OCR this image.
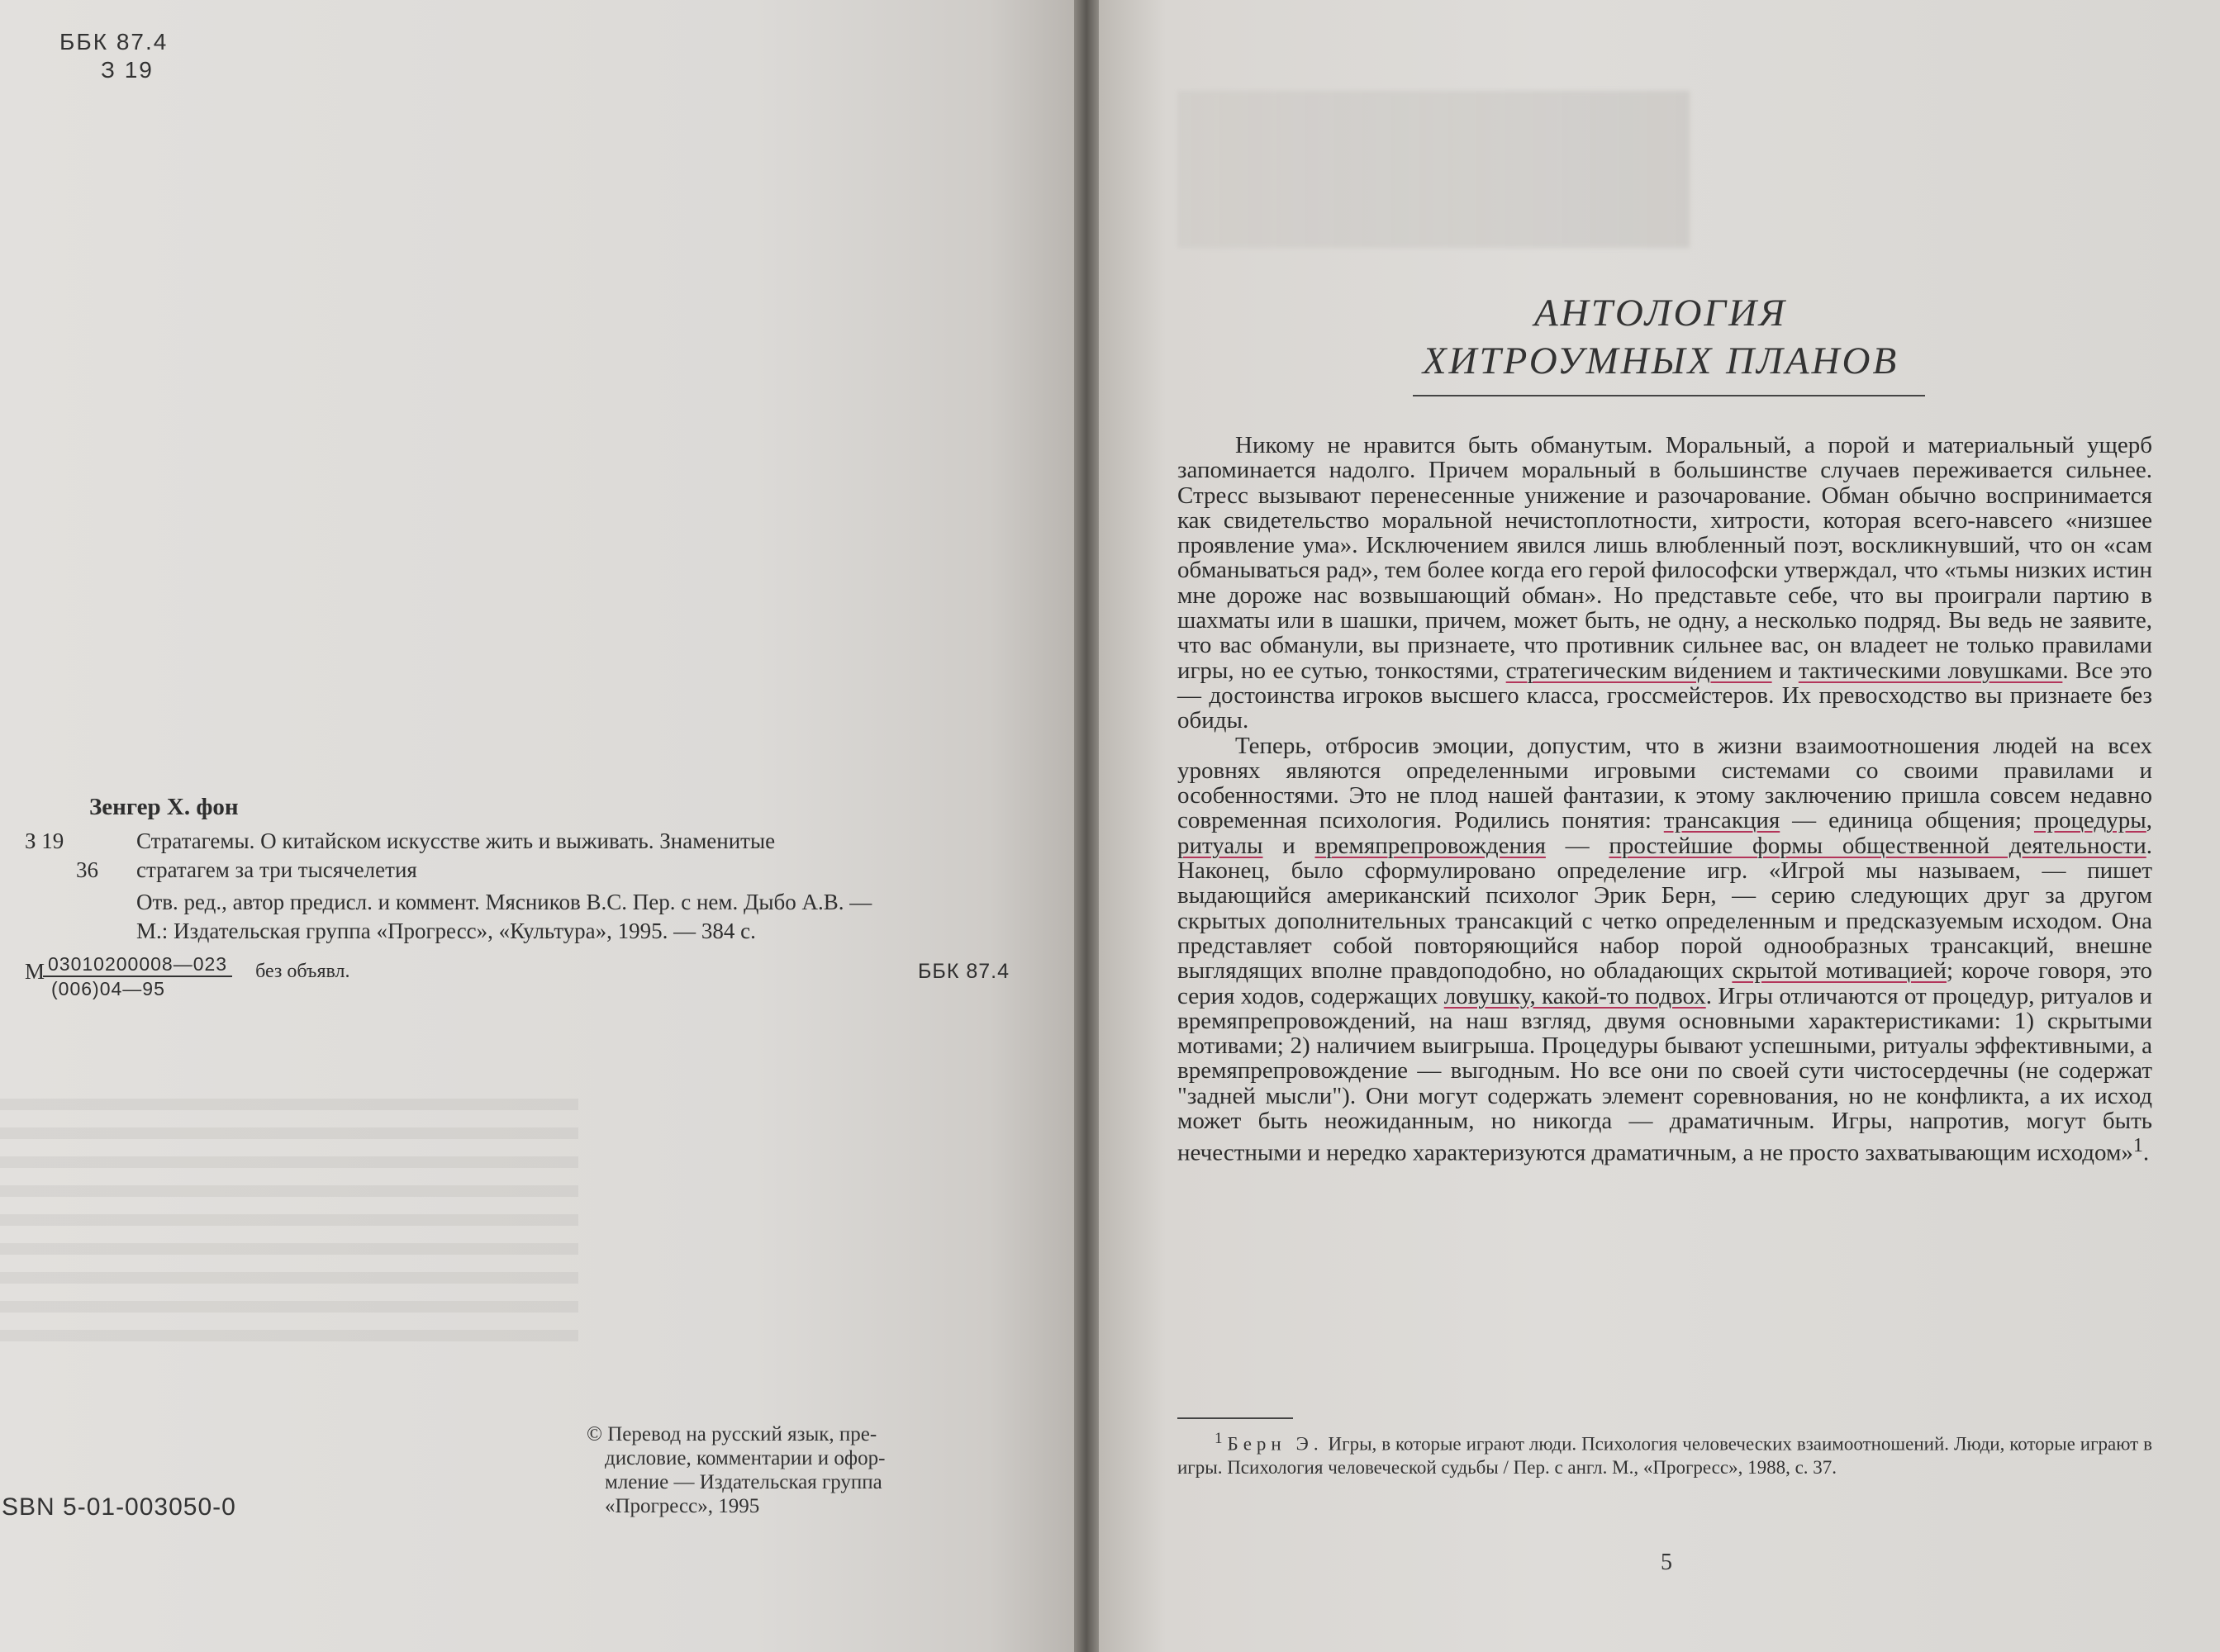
ББК 87.4
З 19
Зенгер Х. фон
З 19	Стратагемы. О китайском искусстве жить и выживать. Знаменитые
36	стратагем за три тысячелетия
Отв. ред., автор предисл. и коммент. Мясников В.С. Пер. с нем. Дыбо А.В. —
М.: Издательская группа «Прогресс», «Культура», 1995. — 384 с.
М
$\frac{03010200008—023}{(006)04—95}$ без объявл.	ББК 87.4
© Перевод на русский язык, пре-
дисловие, комментарии и офор-
мление — Издательская группа
«Прогресс», 1995
SBN 5-01-003050-0
АНТОЛОГИЯ
ХИТРОУМНЫХ ПЛАНОВ

Никому не нравится быть обманутым. Моральный, а порой и материальный ущерб запоминается надолго. Причем моральный в большинстве случаев переживается сильнее. Стресс вызывают перенесенные унижение и разочарование. Обман обычно воспринимается как свидетельство моральной нечистоплотности, хитрости, которая всего-навсего «низшее проявление ума». Исключением явился лишь влюбленный поэт, воскликнувший, что он «сам обманываться рад», тем более когда его герой философски утверждал, что «тьмы низких истин мне дороже нас возвышающий обман». Но представьте себе, что вы проиграли партию в шахматы или в шашки, причем, может быть, не одну, а несколько подряд. Вы ведь не заявите, что вас обманули, вы признаете, что противник сильнее вас, он владеет не только правилами игры, но ее сутью, тонкостями, стратегическим ви́дением и тактическими ловушками. Все это — достоинства игроков высшего класса, гроссмейстеров. Их превосходство вы признаете без обиды.

Теперь, отбросив эмоции, допустим, что в жизни взаимоотношения людей на всех уровнях являются определенными игровыми системами со своими правилами и особенностями. Это не плод нашей фантазии, к этому заключению пришла совсем недавно современная психология. Родились понятия: трансакция — единица общения; процедуры, ритуалы и времяпрепровождения — простейшие формы общественной деятельности. Наконец, было сформулировано определение игр. «Игрой мы называем, — пишет выдающийся американский психолог Эрик Берн, — серию следующих друг за другом скрытых дополнительных трансакций с четко определенным и предсказуемым исходом. Она представляет собой повторяющийся набор порой однообразных трансакций, внешне выглядящих вполне правдоподобно, но обладающих скрытой мотивацией; короче говоря, это серия ходов, содержащих ловушку, какой-то подвох. Игры отличаются от процедур, ритуалов и времяпрепровождений, на наш взгляд, двумя основными характеристиками: 1) скрытыми мотивами; 2) наличием выигрыша. Процедуры бывают успешными, ритуалы эффективными, а времяпрепровождение — выгодным. Но все они по своей сути чистосердечны (не содержат "задней мысли"). Они могут содержать элемент соревнования, но не конфликта, а их исход может быть неожиданным, но никогда — драматичным. Игры, напротив, могут быть нечестными и нередко характеризуются драматичным, а не просто захватывающим исходом»$^1$.

$^1$ Берн Э. Игры, в которые играют люди. Психология человеческих взаимоотношений. Люди, которые играют в игры. Психология человеческой судьбы / Пер. с англ. М., «Прогресс», 1988, с. 37.

5
